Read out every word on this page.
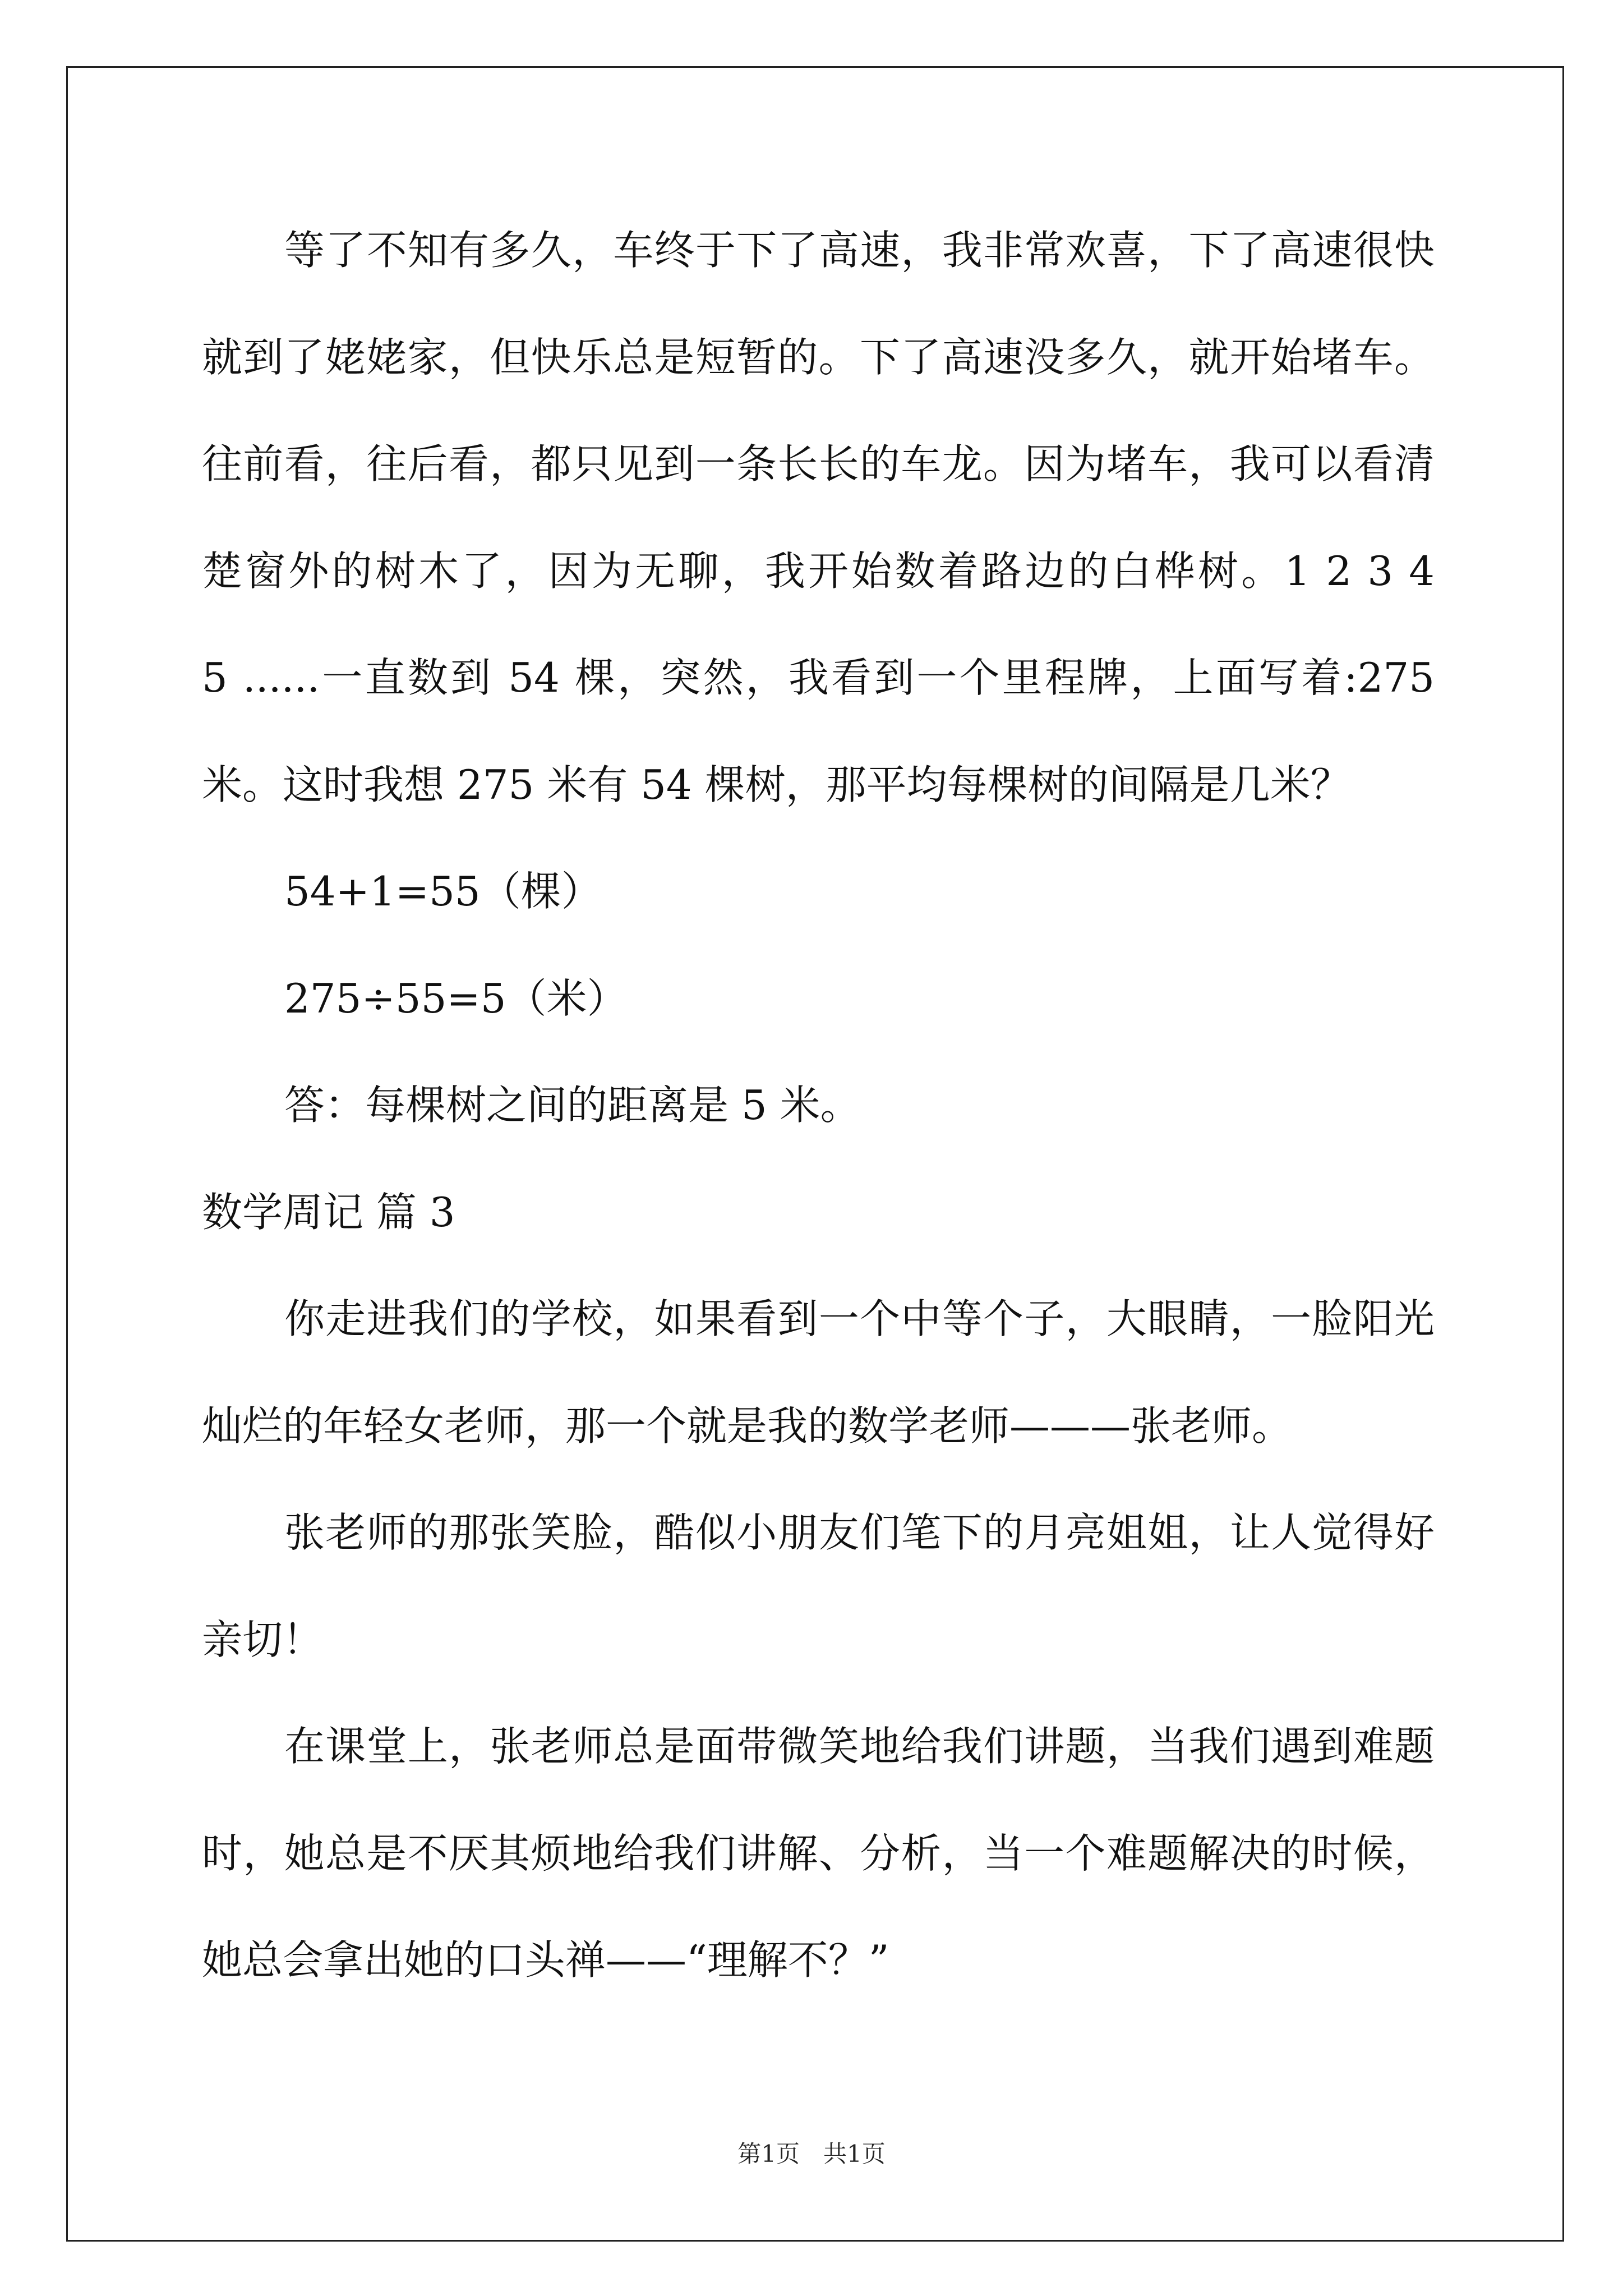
等了不知有多久，车终于下了高速，我非常欢喜，下了高速很快
就到了姥姥家，但快乐总是短暂的。下了高速没多久，就开始堵车。
往前看，往后看，都只见到一条长长的车龙。因为堵车，我可以看清
楚窗外的树木了，因为无聊，我开始数着路边的白桦树。1 2 3 4
5 ......一直数到 54 棵，突然，我看到一个里程牌，上面写着:275
米。这时我想 275 米有 54 棵树，那平均每棵树的间隔是几米？
54+1=55（棵）
275÷55=5（米）
答：每棵树之间的距离是 5 米。
数学周记 篇 3
你走进我们的学校，如果看到一个中等个子，大眼睛，一脸阳光
灿烂的年轻女老师，那一个就是我的数学老师———张老师。
张老师的那张笑脸，酷似小朋友们笔下的月亮姐姐，让人觉得好
亲切！
在课堂上，张老师总是面带微笑地给我们讲题，当我们遇到难题
时，她总是不厌其烦地给我们讲解、分析，当一个难题解决的时候，
她总会拿出她的口头禅——“理解不？”
第1页　共1页
